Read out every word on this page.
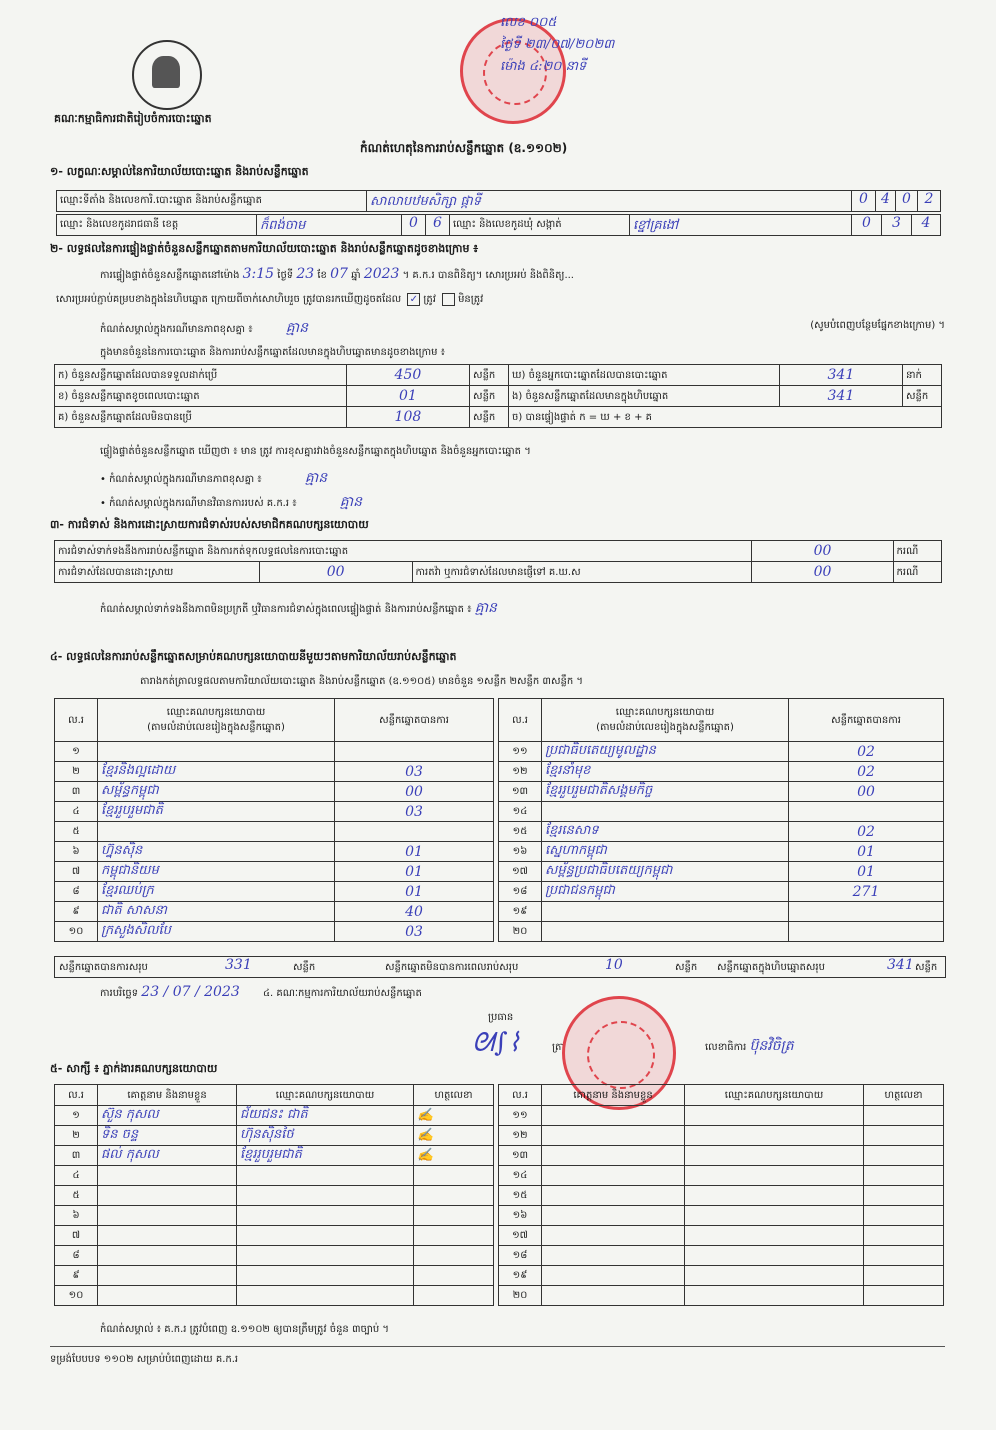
គណៈកម្មាធិការជាតិរៀបចំការបោះឆ្នោត
លេខ ០០៥
ថ្ងៃទី ២៣/០៧/២០២៣
ម៉ោង ៤:២០ នាទី
កំណត់ហេតុនៃការរាប់សន្លឹកឆ្នោត (ឧ.១១០២)
១- លក្ខណៈសម្គាល់នៃការិយាល័យបោះឆ្នោត និងរាប់សន្លឹកឆ្នោត
ឈ្មោះទីតាំង និងលេខការិ.បោះឆ្នោត និងរាប់សន្លឹកឆ្នោត	សាលាបឋមសិក្សា ផ្កាទី	0 4 0 2
ឈ្មោះ និងលេខកូដរាជធានី ខេត្ត	ក៏ពង់ចាម	0	6	ឈ្មោះ និងលេខកូដឃុំ សង្កាត់	ខ្នៅគ្រងៅ	0	3	4
២- លទ្ធផលនៃការផ្ទៀងផ្ទាត់ចំនួនសន្លឹកឆ្នោតតាមការិយាល័យបោះឆ្នោត និងរាប់សន្លឹកឆ្នោតដូចខាងក្រោម ៖
ការផ្ទៀងផ្ទាត់ចំនួនសន្លឹកឆ្នោតនៅម៉ោង 3:15 ថ្ងៃទី 23 ខែ 07 ឆ្នាំ 2023 ។ គ.ក.រ បានពិនិត្យ។ សោរប្រអប់ និងពិនិត្យ...
សោរប្រអប់ភ្ជាប់គម្របខាងក្នុងនៃហិបឆ្នោត ក្រោយពីចាក់សោហិបរួច ត្រូវបានរកឃើញដូចតដែល ✓ ត្រូវ មិនត្រូវ
កំណត់សម្គាល់ក្នុងករណីមានភាពខុសគ្នា ៖ គ្មាន	(សូមបំពេញបន្ថែមផ្នែកខាងក្រោម) ។
ក្នុងមានចំនួននៃការបោះឆ្នោត និងការរាប់សន្លឹកឆ្នោតដែលមានក្នុងហិបឆ្នោតមានដូចខាងក្រោម ៖
ក) ចំនួនសន្លឹកឆ្នោតដែលបានទទួលដាក់ប្រើ	450	សន្លឹក	ឃ) ចំនួនអ្នកបោះឆ្នោតដែលបានបោះឆ្នោត	341	នាក់
ខ) ចំនួនសន្លឹកឆ្នោតខូចពេលបោះឆ្នោត	01	សន្លឹក	ង) ចំនួនសន្លឹកឆ្នោតដែលមានក្នុងហិបឆ្នោត	341	សន្លឹក
គ) ចំនួនសន្លឹកឆ្នោតដែលមិនបានប្រើ	108	សន្លឹក	ច) បានផ្ទៀងផ្ទាត់ ក = ឃ + ខ + គ		
ផ្ទៀងផ្ទាត់ចំនួនសន្លឹកឆ្នោត ឃើញថា ៖ មាន ត្រូវ ការខុសគ្នារវាងចំនួនសន្លឹកឆ្នោតក្នុងហិបឆ្នោត និងចំនួនអ្នកបោះឆ្នោត ។
• កំណត់សម្គាល់ក្នុងករណីមានភាពខុសគ្នា ៖	គ្មាន
• កំណត់សម្គាល់ក្នុងករណីមានវិធានការរបស់ គ.ក.រ ៖	គ្មាន
៣- ការជំទាស់ និងការដោះស្រាយការជំទាស់របស់សមាជិកគណបក្សនយោបាយ
ការជំទាស់ទាក់ទងនឹងការរាប់សន្លឹកឆ្នោត និងការកត់ទុកលទ្ធផលនៃការបោះឆ្នោត			00	ករណី
ការជំទាស់ដែលបានដោះស្រាយ	00	ការតវ៉ា ឬការជំទាស់ដែលមានផ្ញើទៅ គ.ឃ.ស	00	ករណី
កំណត់សម្គាល់ទាក់ទងនឹងភាពមិនប្រក្រតី ឬវិធានការជំទាស់ក្នុងពេលផ្ទៀងផ្ទាត់ និងការរាប់សន្លឹកឆ្នោត ៖ គ្មាន
៤- លទ្ធផលនៃការរាប់សន្លឹកឆ្នោតសម្រាប់គណបក្សនយោបាយនីមួយៗតាមការិយាល័យរាប់សន្លឹកឆ្នោត
តារាងកត់ត្រាលទ្ធផលតាមការិយាល័យបោះឆ្នោត និងរាប់សន្លឹកឆ្នោត (ឧ.១១០៥) មានចំនួន ១សន្លឹក ២សន្លឹក ៣សន្លឹក ។
ល.រ	ឈ្មោះគណបក្សនយោបាយ
(តាមលំដាប់លេខរៀងក្នុងសន្លឹកឆ្នោត)	សន្លឹកឆ្នោតបានការ
១		
២	ខ្មែរនិងល្អដោយ	03
៣	សម្ព័ន្ធកម្ពុជា	00
៤	ខ្មែររួបរួមជាតិ	03
៥		
៦	ហ្វ៊ុនស៊ិន	01
៧	កម្ពុជានិយម	01
៨	ខ្មែរឈប់ក្រ	01
៩	ជាតិ សាសនា	40
១០	ក្រសួងសិលបែ	03
ល.រ	ឈ្មោះគណបក្សនយោបាយ
(តាមលំដាប់លេខរៀងក្នុងសន្លឹកឆ្នោត)	សន្លឹកឆ្នោតបានការ
១១	ប្រជាធិបតេយ្យមូលដ្ឋាន	02
១២	ខ្មែរនាំមុខ	02
១៣	ខ្មែររួបរួមជាតិសង្គមកិច្ច	00
១៤		
១៥	ខ្មែរនេសាទ	02
១៦	ស្នេហាកម្ពុជា	01
១៧	សម្ព័ន្ធប្រជាធិបតេយ្យកម្ពុជា	01
១៨	ប្រជាជនកម្ពុជា	271
១៩		
២០		
សន្លឹកឆ្នោតបានការសរុប	331	សន្លឹក	សន្លឹកឆ្នោតមិនបានការពេលរាប់សរុប	10	សន្លឹក សន្លឹកឆ្នោតក្នុងហិបឆ្នោតសរុប	341 សន្លឹក
ការបរិច្ឆេទ 23 / 07 / 2023 ៤. គណៈកម្មការការិយាល័យរាប់សន្លឹកឆ្នោត
ប្រធាន
ត្រា
ᘛ∫⌇	លេខាធិការ ប៊ុនវិចិត្រ
៥- សាក្សី ៖ ភ្នាក់ងារគណបក្សនយោបាយ
ល.រ	គោត្តនាម និងនាមខ្លួន	ឈ្មោះគណបក្សនយោបាយ	ហត្ថលេខា
១	ស៊ួន កុសល	ជ័យ​ជនះ ជាតិ	✍
២	ទិន ចន្ទ	ហ៊ុនស៊ិនថៃ	✍
៣	ផល់ កុសល	ខ្មែររួបរួមជាតិ	✍
៤			
៥			
៦			
៧			
៨			
៩			
១០			
ល.រ	គោត្តនាម និងនាមខ្លួន	ឈ្មោះគណបក្សនយោបាយ	ហត្ថលេខា
១១			
១២			
១៣			
១៤			
១៥			
១៦			
១៧			
១៨			
១៩			
២០			
កំណត់សម្គាល់ ៖ គ.ក.រ ត្រូវបំពេញ ឧ.១១០២ ឲ្យបានត្រឹមត្រូវ ចំនួន ៣ច្បាប់ ។
ទម្រង់បែបបទ ១១០២ សម្រាប់បំពេញដោយ គ.ក.រ
